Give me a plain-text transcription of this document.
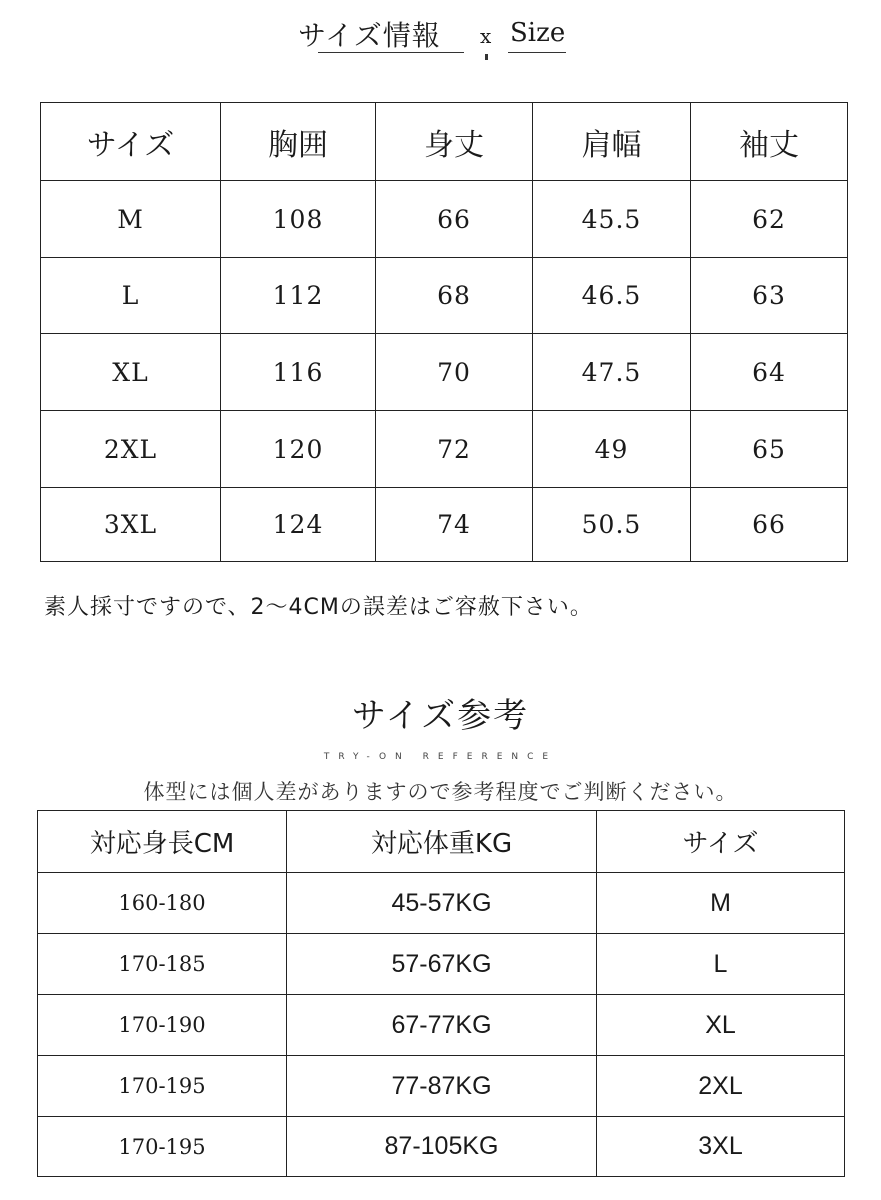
サイズ情報 x Size
サイズ	胸囲	身丈	肩幅	袖丈
M	108	66	45.5	62
L	112	68	46.5	63
XL	116	70	47.5	64
2XL	120	72	49	65
3XL	124	74	50.5	66
素人採寸ですので、2～4CMの誤差はご容赦下さい。
サイズ参考
TRY-ON REFERENCE
体型には個人差がありますので参考程度でご判断ください。
対応身長CM	対応体重KG	サイズ
160-180	45-57KG	M
170-185	57-67KG	L
170-190	67-77KG	XL
170-195	77-87KG	2XL
170-195	87-105KG	3XL
